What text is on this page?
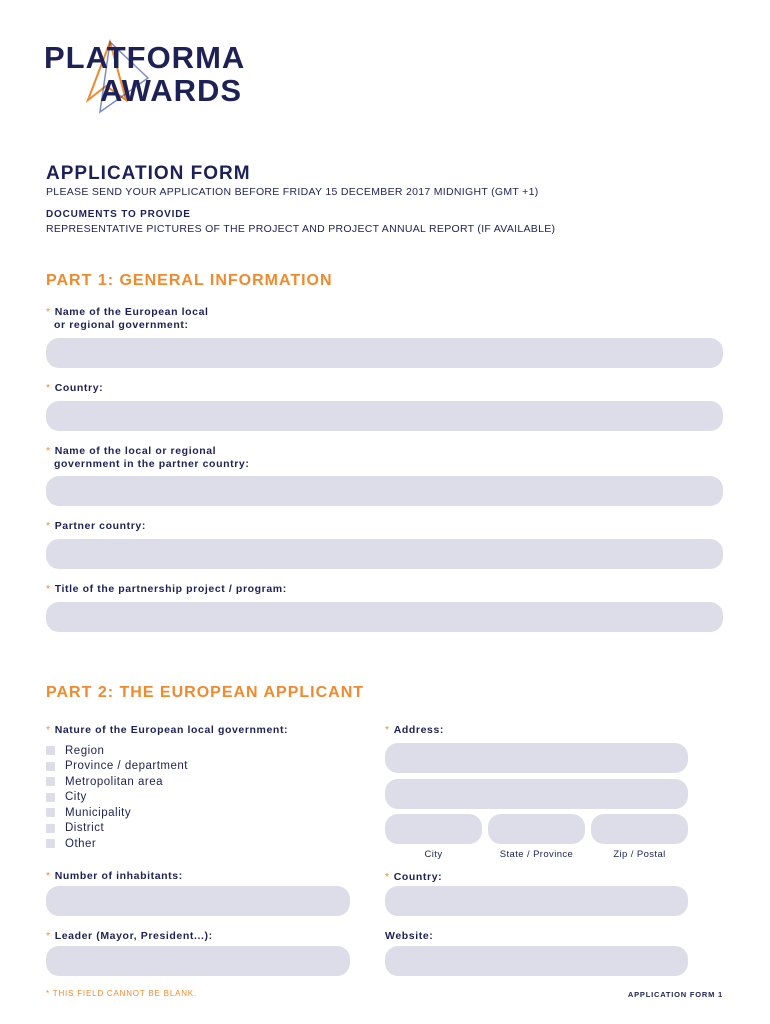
PLATFORMA
AWARDS
APPLICATION FORM
PLEASE SEND YOUR APPLICATION BEFORE FRIDAY 15 DECEMBER 2017 MIDNIGHT (GMT +1)
DOCUMENTS TO PROVIDE
REPRESENTATIVE PICTURES OF THE PROJECT AND PROJECT ANNUAL REPORT (IF AVAILABLE)
PART 1: GENERAL INFORMATION
* Name of the European local
or regional government:
* Country:
* Name of the local or regional
government in the partner country:
* Partner country:
* Title of the partnership project / program:
PART 2: THE EUROPEAN APPLICANT
* Nature of the European local government:
Region
Province / department
Metropolitan area
City
Municipality
District
Other
* Address:
City	State / Province	Zip / Postal
* Number of inhabitants:	* Country:
* Leader (Mayor, President...):	Website:
* THIS FIELD CANNOT BE BLANK.	APPLICATION FORM 1
